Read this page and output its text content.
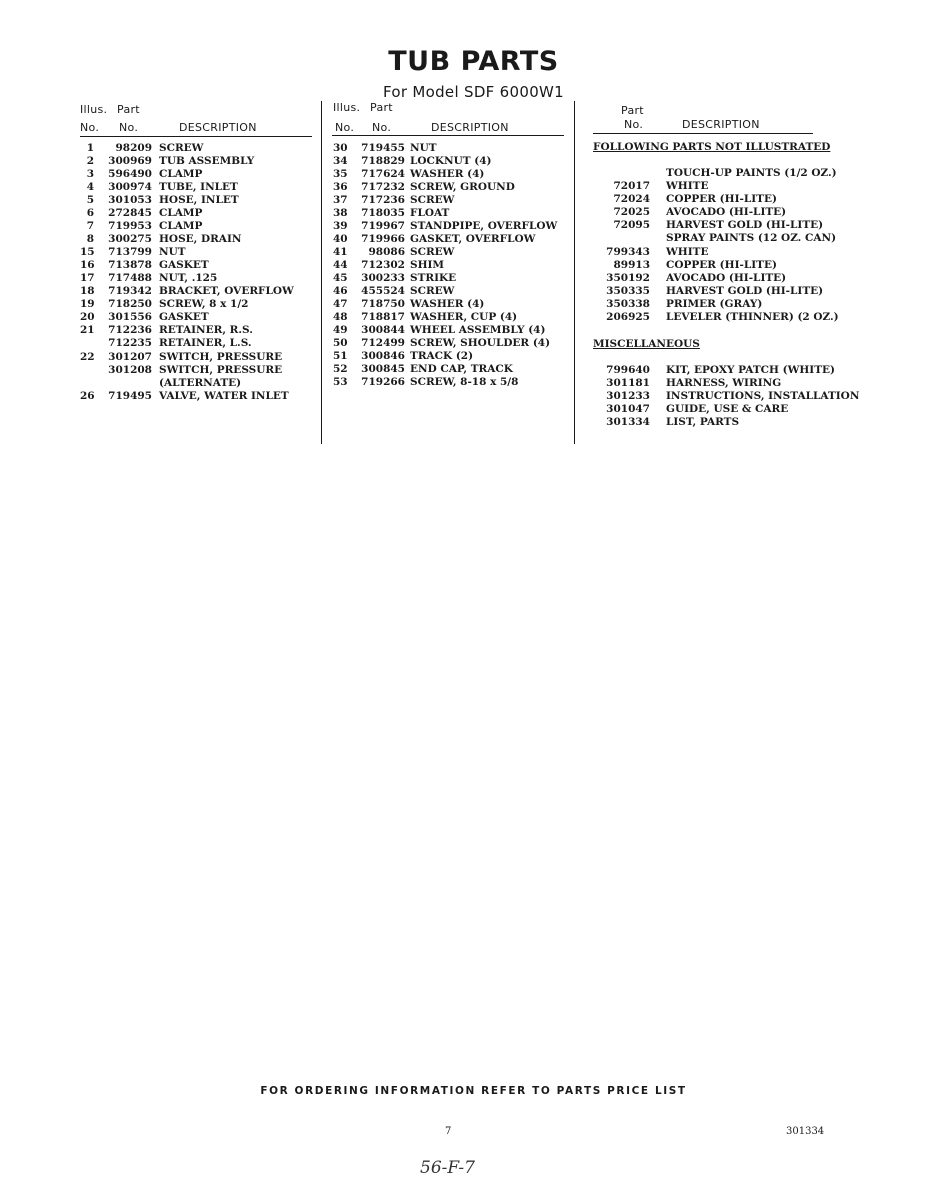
TUB PARTS
For Model SDF 6000W1
Illus. Part
No. No.	DESCRIPTION
Illus. Part
No. No.	DESCRIPTION
Part
No.	DESCRIPTION
1	98209 SCREW
2	300969 TUB ASSEMBLY
3	596490 CLAMP
4	300974 TUBE, INLET
5	301053 HOSE, INLET
6	272845 CLAMP
7	719953 CLAMP
8	300275 HOSE, DRAIN
15	713799 NUT
16	713878 GASKET
17	717488 NUT, .125
18	719342 BRACKET, OVERFLOW
19	718250 SCREW, 8 x 1/2
20	301556 GASKET
21	712236 RETAINER, R.S.
712235 RETAINER, L.S.
22	301207 SWITCH, PRESSURE
301208 SWITCH, PRESSURE
(ALTERNATE)
26	719495 VALVE, WATER INLET
30	719455 NUT
34	718829 LOCKNUT (4)
35	717624 WASHER (4)
36	717232 SCREW, GROUND
37	717236 SCREW
38	718035 FLOAT
39	719967 STANDPIPE, OVERFLOW
40	719966 GASKET, OVERFLOW
41	98086 SCREW
44	712302 SHIM
45	300233 STRIKE
46	455524 SCREW
47	718750 WASHER (4)
48	718817 WASHER, CUP (4)
49	300844 WHEEL ASSEMBLY (4)
50	712499 SCREW, SHOULDER (4)
51	300846 TRACK (2)
52	300845 END CAP, TRACK
53	719266 SCREW, 8-18 x 5/8
FOLLOWING PARTS NOT ILLUSTRATED
TOUCH-UP PAINTS (1/2 OZ.)
72017 WHITE
72024 COPPER (HI-LITE)
72025 AVOCADO (HI-LITE)
72095 HARVEST GOLD (HI-LITE)
SPRAY PAINTS (12 OZ. CAN)
799343 WHITE
89913 COPPER (HI-LITE)
350192 AVOCADO (HI-LITE)
350335 HARVEST GOLD (HI-LITE)
350338 PRIMER (GRAY)
206925 LEVELER (THINNER) (2 OZ.)
MISCELLANEOUS
799640 KIT, EPOXY PATCH (WHITE)
301181 HARNESS, WIRING
301233 INSTRUCTIONS, INSTALLATION
301047 GUIDE, USE & CARE
301334 LIST, PARTS
FOR ORDERING INFORMATION REFER TO PARTS PRICE LIST
7	301334
56-F-7
